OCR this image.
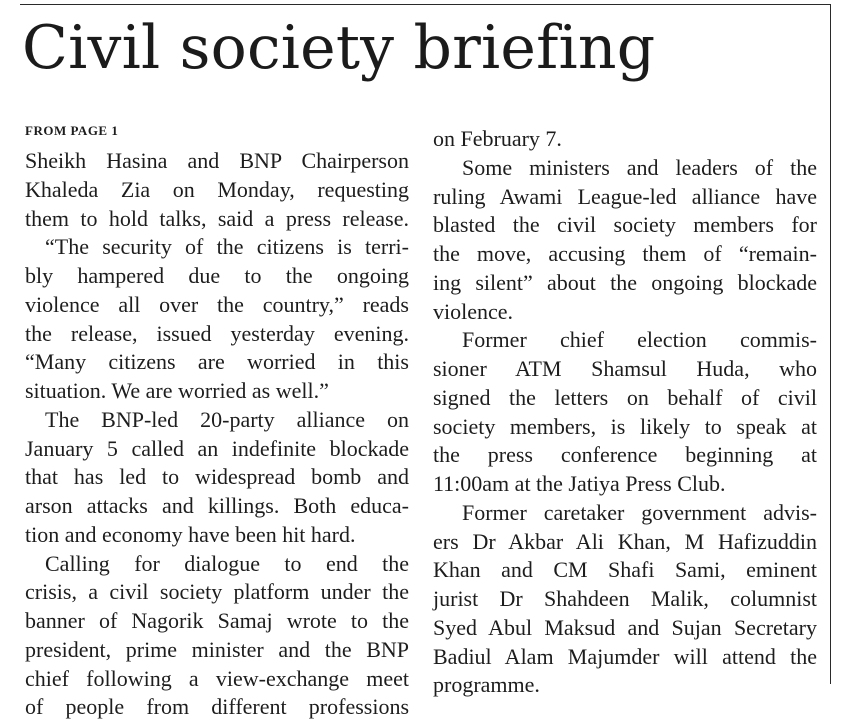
Civil society briefing
FROM PAGE 1
Sheikh Hasina and BNP Chairperson
Khaleda Zia on Monday, requesting
them to hold talks, said a press release.
“The security of the citizens is terri-
bly hampered due to the ongoing
violence all over the country,” reads
the release, issued yesterday evening.
“Many citizens are worried in this
situation. We are worried as well.”
The BNP-led 20-party alliance on
January 5 called an indefinite blockade
that has led to widespread bomb and
arson attacks and killings. Both educa-
tion and economy have been hit hard.
Calling for dialogue to end the
crisis, a civil society platform under the
banner of Nagorik Samaj wrote to the
president, prime minister and the BNP
chief following a view-exchange meet
of people from different professions
on February 7.
Some ministers and leaders of the
ruling Awami League-led alliance have
blasted the civil society members for
the move, accusing them of “remain-
ing silent” about the ongoing blockade
violence.
Former chief election commis-
sioner ATM Shamsul Huda, who
signed the letters on behalf of civil
society members, is likely to speak at
the press conference beginning at
11:00am at the Jatiya Press Club.
Former caretaker government advis-
ers Dr Akbar Ali Khan, M Hafizuddin
Khan and CM Shafi Sami, eminent
jurist Dr Shahdeen Malik, columnist
Syed Abul Maksud and Sujan Secretary
Badiul Alam Majumder will attend the
programme.
